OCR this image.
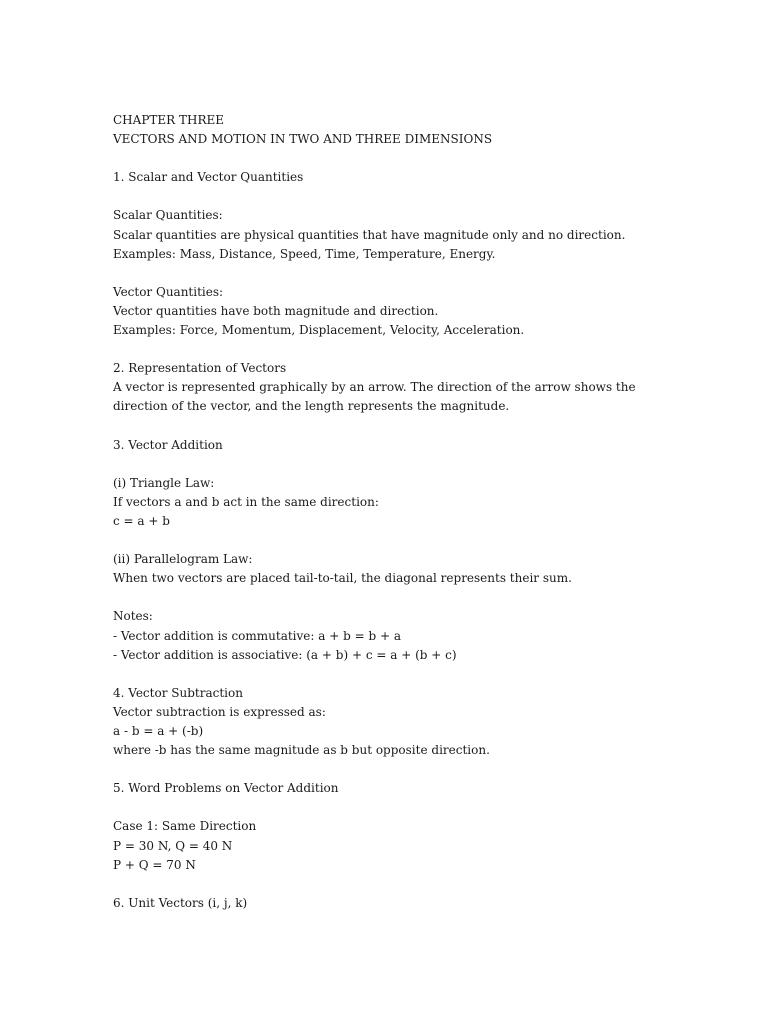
CHAPTER THREE
VECTORS AND MOTION IN TWO AND THREE DIMENSIONS
1. Scalar and Vector Quantities
Scalar Quantities:
Scalar quantities are physical quantities that have magnitude only and no direction.
Examples: Mass, Distance, Speed, Time, Temperature, Energy.
Vector Quantities:
Vector quantities have both magnitude and direction.
Examples: Force, Momentum, Displacement, Velocity, Acceleration.
2. Representation of Vectors
A vector is represented graphically by an arrow. The direction of the arrow shows the
direction of the vector, and the length represents the magnitude.
3. Vector Addition
(i) Triangle Law:
If vectors a and b act in the same direction:
c = a + b
(ii) Parallelogram Law:
When two vectors are placed tail-to-tail, the diagonal represents their sum.
Notes:
- Vector addition is commutative: a + b = b + a
- Vector addition is associative: (a + b) + c = a + (b + c)
4. Vector Subtraction
Vector subtraction is expressed as:
a - b = a + (-b)
where -b has the same magnitude as b but opposite direction.
5. Word Problems on Vector Addition
Case 1: Same Direction
P = 30 N, Q = 40 N
P + Q = 70 N
6. Unit Vectors (i, j, k)
